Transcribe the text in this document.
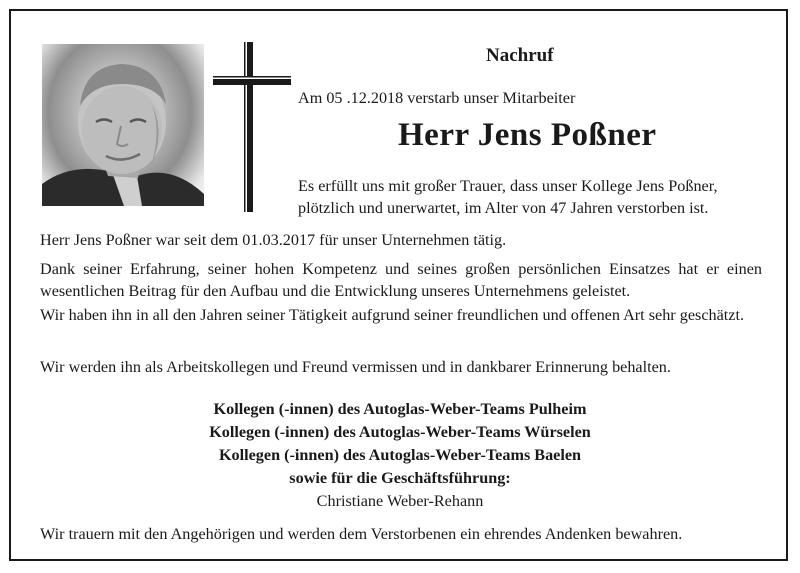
Nachruf
Am 05 .12.2018 verstarb unser Mitarbeiter
Herr Jens Poßner
Es erfüllt uns mit großer Trauer, dass unser Kollege Jens Poßner,
plötzlich und unerwartet, im Alter von 47 Jahren verstorben ist.
Herr Jens Poßner war seit dem 01.03.2017 für unser Unternehmen tätig.
Dank seiner Erfahrung, seiner hohen Kompetenz und seines großen persönlichen Einsatzes hat er einen wesentlichen Beitrag für den Aufbau und die Entwicklung unseres Unternehmens geleistet.
Wir haben ihn in all den Jahren seiner Tätigkeit aufgrund seiner freundlichen und offenen Art sehr geschätzt.
Wir werden ihn als Arbeitskollegen und Freund vermissen und in dankbarer Erinnerung behalten.
Kollegen (-innen) des Autoglas-Weber-Teams Pulheim
Kollegen (-innen) des Autoglas-Weber-Teams Würselen
Kollegen (-innen) des Autoglas-Weber-Teams Baelen
sowie für die Geschäftsführung:
Christiane Weber-Rehann
Wir trauern mit den Angehörigen und werden dem Verstorbenen ein ehrendes Andenken bewahren.
